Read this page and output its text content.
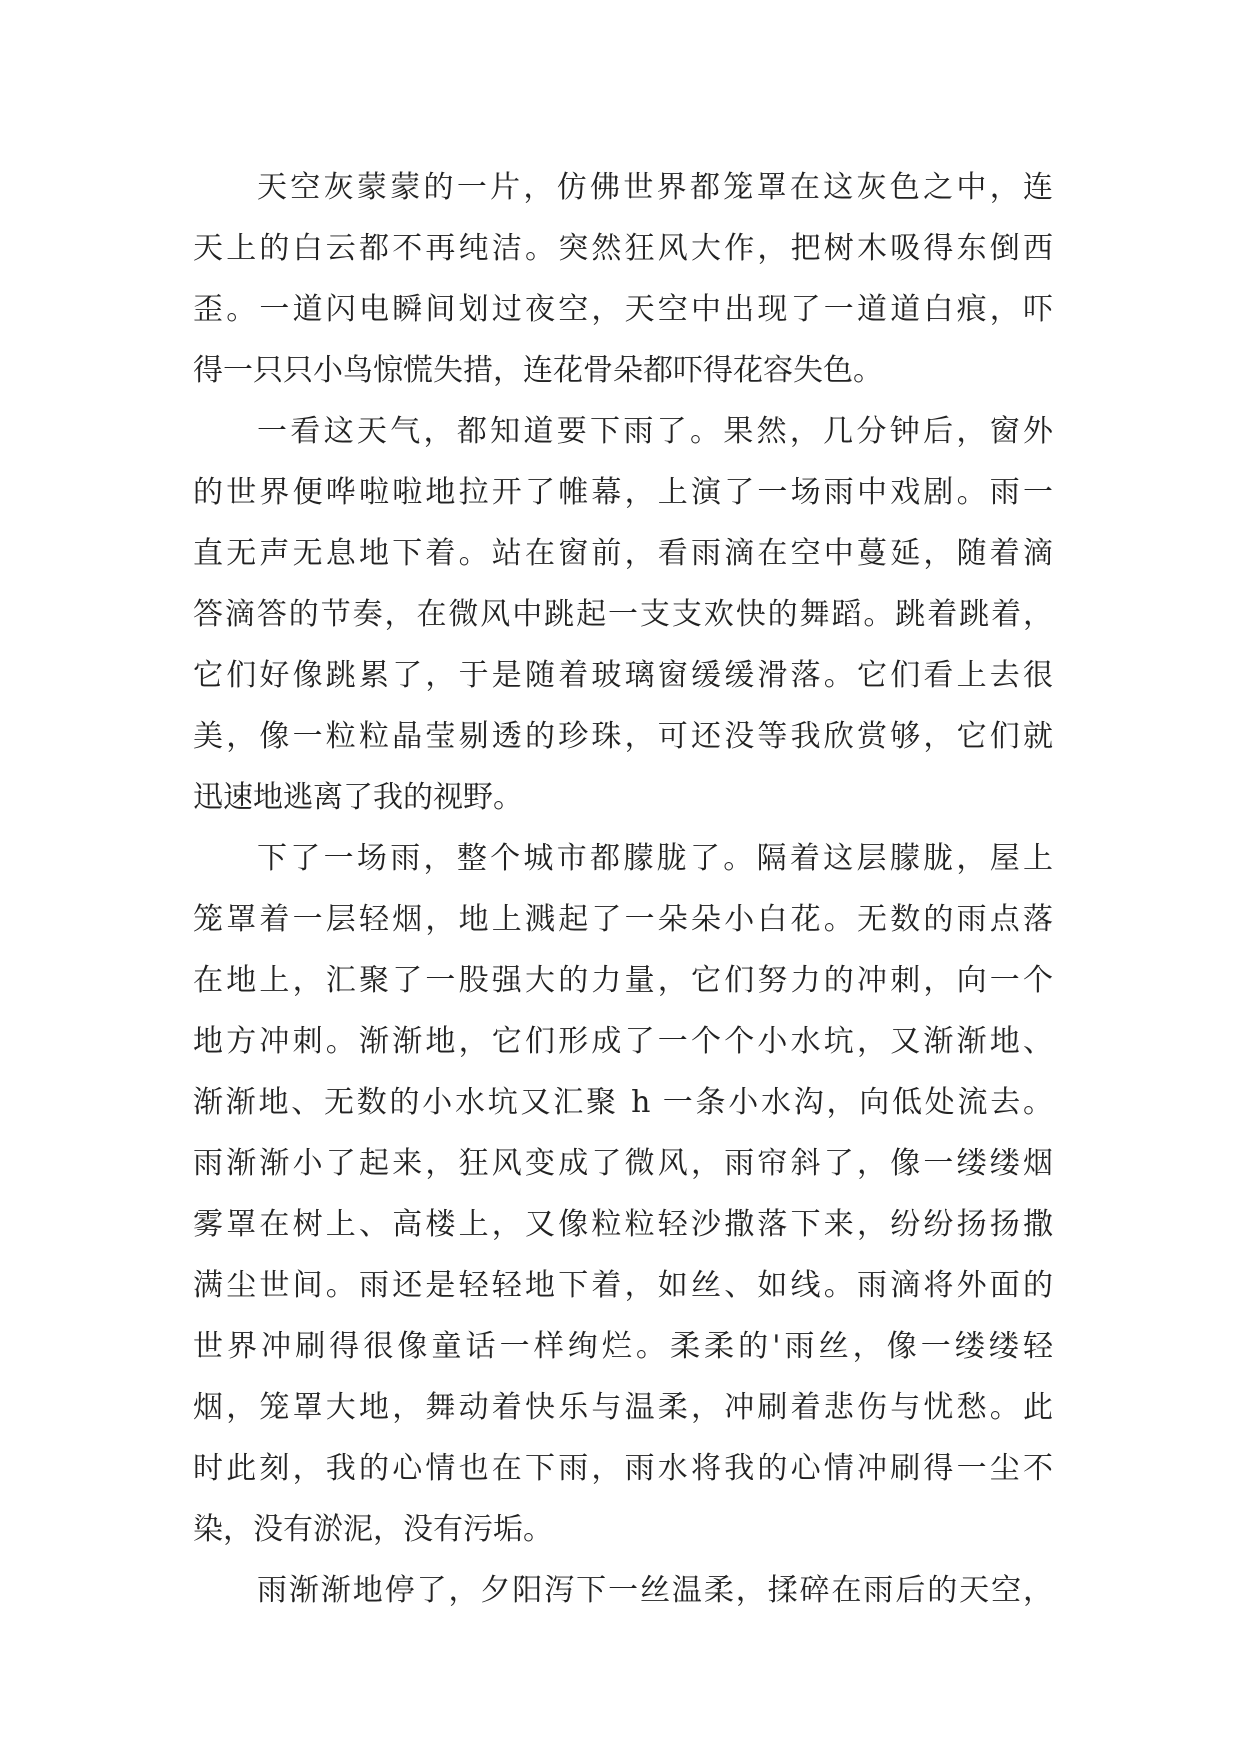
天空灰蒙蒙的一片，仿佛世界都笼罩在这灰色之中，连
天上的白云都不再纯洁。突然狂风大作，把树木吸得东倒西
歪。一道闪电瞬间划过夜空，天空中出现了一道道白痕，吓
得一只只小鸟惊慌失措，连花骨朵都吓得花容失色。
一看这天气，都知道要下雨了。果然，几分钟后，窗外
的世界便哗啦啦地拉开了帷幕，上演了一场雨中戏剧。雨一
直无声无息地下着。站在窗前，看雨滴在空中蔓延，随着滴
答滴答的节奏，在微风中跳起一支支欢快的舞蹈。跳着跳着，
它们好像跳累了，于是随着玻璃窗缓缓滑落。它们看上去很
美，像一粒粒晶莹剔透的珍珠，可还没等我欣赏够，它们就
迅速地逃离了我的视野。
下了一场雨，整个城市都朦胧了。隔着这层朦胧，屋上
笼罩着一层轻烟，地上溅起了一朵朵小白花。无数的雨点落
在地上，汇聚了一股强大的力量，它们努力的冲刺，向一个
地方冲刺。渐渐地，它们形成了一个个小水坑，又渐渐地、
渐渐地、无数的小水坑又汇聚 h 一条小水沟，向低处流去。
雨渐渐小了起来，狂风变成了微风，雨帘斜了，像一缕缕烟
雾罩在树上、高楼上，又像粒粒轻沙撒落下来，纷纷扬扬撒
满尘世间。雨还是轻轻地下着，如丝、如线。雨滴将外面的
世界冲刷得很像童话一样绚烂。柔柔的'雨丝，像一缕缕轻
烟，笼罩大地，舞动着快乐与温柔，冲刷着悲伤与忧愁。此
时此刻，我的心情也在下雨，雨水将我的心情冲刷得一尘不
染，没有淤泥，没有污垢。
雨渐渐地停了，夕阳泻下一丝温柔，揉碎在雨后的天空，
